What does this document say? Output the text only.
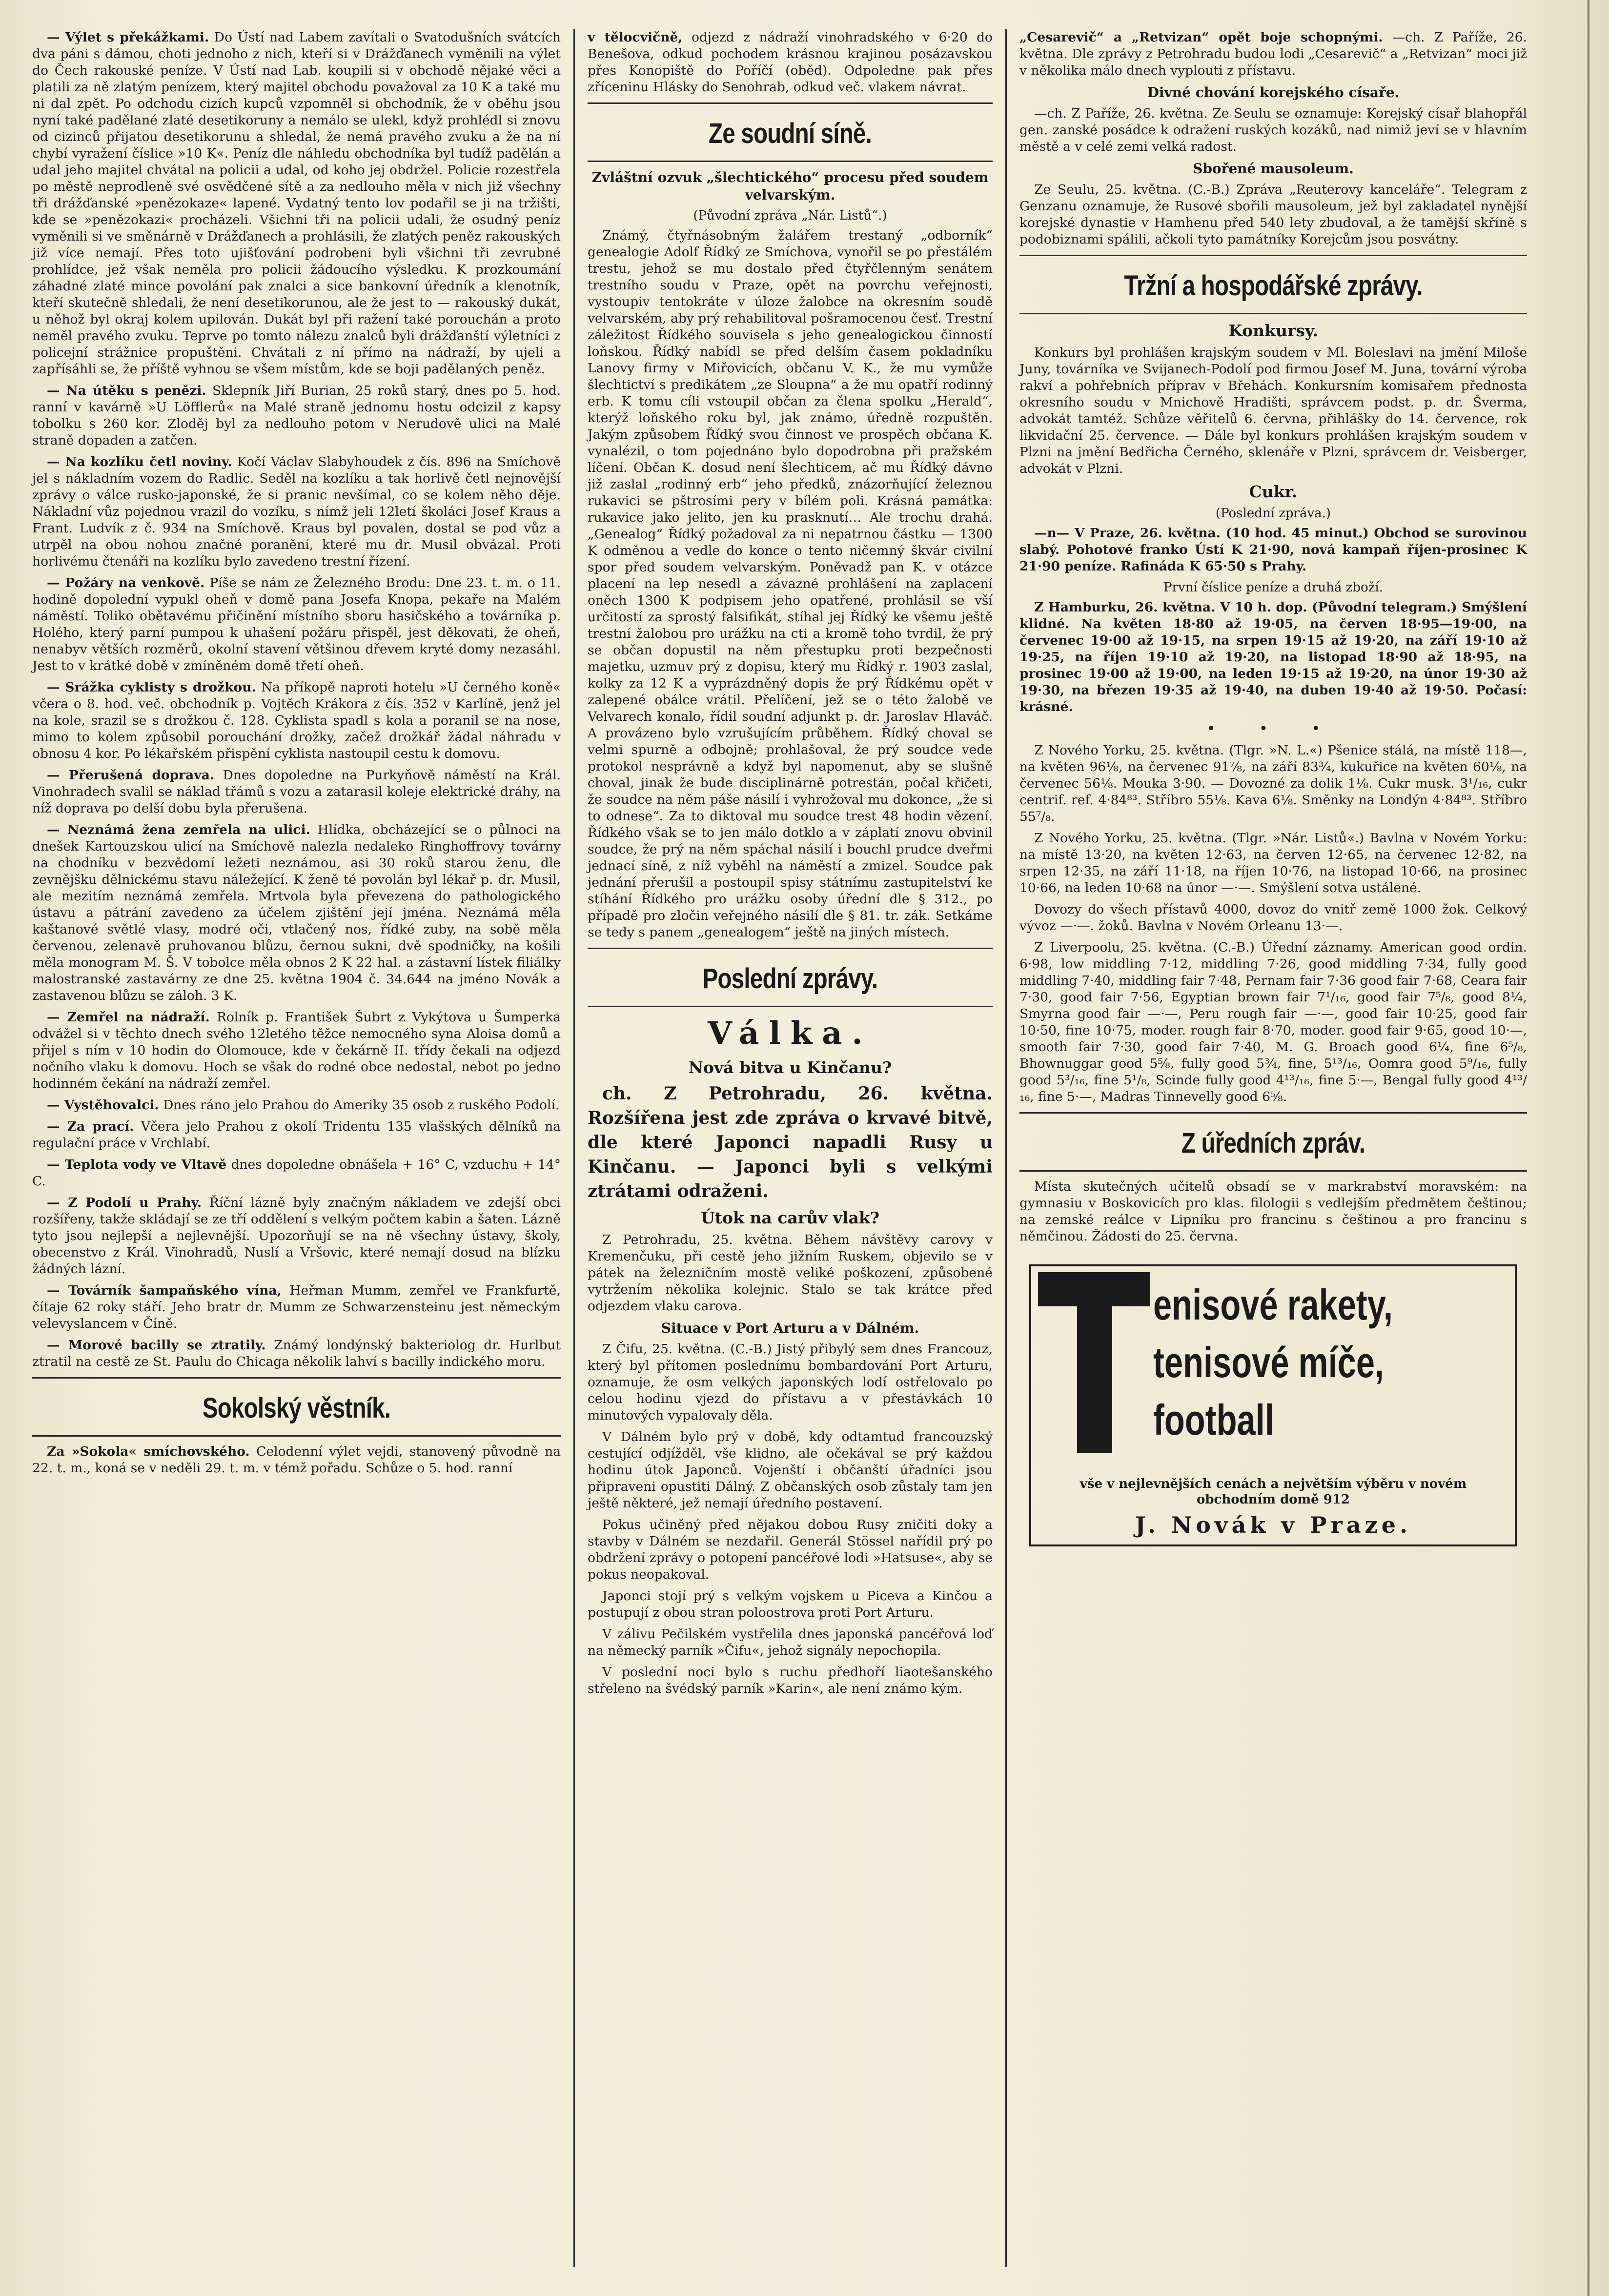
— Výlet s překážkami. Do Ústí nad Labem zavítali o Svatodušních svátcích dva páni s dámou, choti jednoho z nich, kteří si v Drážďanech vyměnili na výlet do Čech rakouské peníze. V Ústí nad Lab. koupili si v obchodě nějaké věci a platili za ně zlatým penízem, který majitel obchodu považoval za 10 K a také mu ni dal zpět. Po odchodu cizích kupců vzpomněl si obchodník, že v oběhu jsou nyní také padělané zlaté desetikoruny a nemálo se ulekl, když prohlédl si znovu od cizinců přijatou desetikorunu a shledal, že nemá pravého zvuku a že na ní chybí vyražení číslice »10 K«. Peníz dle náhledu obchodníka byl tudíž padělán a udal jeho majitel chvátal na policii a udal, od koho jej obdržel. Policie rozestřela po městě neprodleně své osvědčené sítě a za nedlouho měla v nich již všechny tři drážďanské »penězokaze« lapené. Vydatný tento lov podařil se ji na tržišti, kde se »penězokazi« procházeli. Všichni tři na policii udali, že osudný peníz vyměnili si ve směnárně v Drážďanech a prohlásili, že zlatých peněz rakouských již více nemají. Přes toto ujišťování podrobeni byli všichni tři zevrubné prohlídce, jež však neměla pro policii žádoucího výsledku. K prozkoumání záhadné zlaté mince povolání pak znalci a sice bankovní úředník a klenotník, kteří skutečně shledali, že není desetikorunou, ale že jest to — rakouský dukát, u něhož byl okraj kolem upilován. Dukát byl při ražení také porouchán a proto neměl pravého zvuku. Teprve po tomto nálezu znalců byli drážďanští výletníci z policejní strážnice propuštěni. Chvátali z ní přímo na nádraží, by ujeli a zapřísáhli se, že příště vyhnou se všem místům, kde se boji padělaných peněz.

— Na útěku s penězi. Sklepník Jiří Burian, 25 roků starý, dnes po 5. hod. ranní v kavárně »U Löfflerů« na Malé straně jednomu hostu odcizil z kapsy tobolku s 260 kor. Zloděj byl za nedlouho potom v Nerudově ulici na Malé straně dopaden a zatčen.

— Na kozlíku četl noviny. Kočí Václav Slabyhoudek z čís. 896 na Smíchově jel s nákladním vozem do Radlic. Seděl na kozlíku a tak horlivě četl nejnovější zprávy o válce rusko-japonské, že si pranic nevšímal, co se kolem něho děje. Nákladní vůz pojednou vrazil do vozíku, s nímž jeli 12letí školáci Josef Kraus a Frant. Ludvík z č. 934 na Smíchově. Kraus byl povalen, dostal se pod vůz a utrpěl na obou nohou značné poranění, které mu dr. Musil obvázal. Proti horlivému čtenáři na kozlíku bylo zavedeno trestní řízení.

— Požáry na venkově. Píše se nám ze Železného Brodu: Dne 23. t. m. o 11. hodině dopolední vypukl oheň v domě pana Josefa Knopa, pekaře na Malém náměstí. Toliko obětavému přičinění místního sboru hasičského a továrníka p. Holého, který parní pumpou k uhašení požáru přispěl, jest děkovati, že oheň, nenabyv větších rozměrů, okolní stavení většinou dřevem kryté domy nezasáhl. Jest to v krátké době v zmíněném domě třetí oheň.

— Srážka cyklisty s drožkou. Na příkopě naproti hotelu »U černého koně« včera o 8. hod. več. obchodník p. Vojtěch Krákora z čís. 352 v Karlíně, jenž jel na kole, srazil se s drožkou č. 128. Cyklista spadl s kola a poranil se na nose, mimo to kolem způsobil porouchání drožky, začež drožkář žádal náhradu v obnosu 4 kor. Po lékařském přispění cyklista nastoupil cestu k domovu.

— Přerušená doprava. Dnes dopoledne na Purkyňově náměstí na Král. Vinohradech svalil se náklad třámů s vozu a zatarasil koleje elektrické dráhy, na níž doprava po delší dobu byla přerušena.

— Neznámá žena zemřela na ulici. Hlídka, obcházející se o půlnoci na dnešek Kartouzskou ulicí na Smíchově nalezla nedaleko Ringhoffrovy továrny na chodníku v bezvědomí ležeti neznámou, asi 30 roků starou ženu, dle zevnějšku dělnickému stavu náležející. K ženě té povolán byl lékař p. dr. Musil, ale mezitím neznámá zemřela. Mrtvola byla převezena do pathologického ústavu a pátrání zavedeno za účelem zjištění její jména. Neznámá měla kaštanové světlé vlasy, modré oči, vtlačený nos, řídké zuby, na sobě měla červenou, zelenavě pruhovanou blůzu, černou sukni, dvě spodničky, na košili měla monogram M. Š. V tobolce měla obnos 2 K 22 hal. a zástavní lístek filiálky malostranské zastavárny ze dne 25. května 1904 č. 34.644 na jméno Novák a zastavenou blůzu se záloh. 3 K.

— Zemřel na nádraží. Rolník p. František Šubrt z Vykýtova u Šumperka odvážel si v těchto dnech svého 12letého těžce nemocného syna Aloisa domů a přijel s ním v 10 hodin do Olomouce, kde v čekárně II. třídy čekali na odjezd nočního vlaku k domovu. Hoch se však do rodné obce nedostal, nebot po jedno hodinném čekání na nádraží zemřel.

— Vystěhovalci. Dnes ráno jelo Prahou do Ameriky 35 osob z ruského Podolí.

— Za prací. Včera jelo Prahou z okolí Tridentu 135 vlašských dělníků na regulační práce v Vrchlabí.

— Teplota vody ve Vltavě dnes dopoledne obnášela + 16° C, vzduchu + 14° C.

— Z Podolí u Prahy. Říční lázně byly značným nákladem ve zdejší obci rozšířeny, takže skládají se ze tří oddělení s velkým počtem kabin a šaten. Lázně tyto jsou nejlepší a nejlevnější. Upozorňují se na ně všechny ústavy, školy, obecenstvo z Král. Vinohradů, Nuslí a Vršovic, které nemají dosud na blízku žádných lázní.

— Továrník šampaňského vína, Heřman Mumm, zemřel ve Frankfurtě, čítaje 62 roky stáří. Jeho bratr dr. Mumm ze Schwarzensteinu jest německým velevyslancem v Číně.

— Morové bacilly se ztratily. Známý londýnský bakteriolog dr. Hurlbut ztratil na cestě ze St. Paulu do Chicaga několik lahví s bacilly indického moru.

Sokolský věstník.

Za »Sokola« smíchovského. Celodenní výlet vejdi, stanovený původně na 22. t. m., koná se v neděli 29. t. m. v témž pořadu. Schůze o 5. hod. ranní

v tělocvičně, odjezd z nádraží vinohradského v 6·20 do Benešova, odkud pochodem krásnou krajinou posázavskou přes Konopiště do Poříčí (oběd). Odpoledne pak přes zříceninu Hlásky do Senohrab, odkud več. vlakem návrat.

Ze soudní síně.
Zvláštní ozvuk „šlechtického“ procesu před soudem velvarským.
(Původní zpráva „Nár. Listů“.)

Známý, čtyřnásobným žalářem trestaný „odborník“ genealogie Adolf Řídký ze Smíchova, vynořil se po přestálém trestu, jehož se mu dostalo před čtyřčlenným senátem trestního soudu v Praze, opět na povrchu veřejnosti, vystoupiv tentokráte v úloze žalobce na okresním soudě velvarském, aby prý rehabilitoval pošramocenou česť. Trestní záležitost Řídkého souvisela s jeho genealogickou činností loňskou. Řídký nabídl se před delším časem pokladníku Lanovy firmy v Miřovicích, občanu V. K., že mu vymůže šlechtictví s predikátem „ze Sloupna“ a že mu opatří rodinný erb. K tomu cíli vstoupil občan za člena spolku „Herald“, kterýž loňského roku byl, jak známo, úředně rozpuštěn. Jakým způsobem Řídký svou činnost ve prospěch občana K. vynalézil, o tom pojednáno bylo dopodrobna při pražském líčení. Občan K. dosud není šlechticem, ač mu Řídký dávno již zaslal „rodinný erb“ jeho předků, znázorňující železnou rukavici se pštrosími pery v bílém poli. Krásná památka: rukavice jako jelito, jen ku prasknutí… Ale trochu drahá. „Genealog“ Řídký požadoval za ni nepatrnou částku — 1300 K odměnou a vedle do konce o tento ničemný škvár civilní spor před soudem velvarským. Poněvadž pan K. v otázce placení na lep nesedl a závazné prohlášení na zaplacení oněch 1300 K podpisem jeho opatřené, prohlásil se vší určitostí za sprostý falsifikát, stíhal jej Řídký ke všemu ještě trestní žalobou pro urážku na cti a kromě toho tvrdil, že prý se občan dopustil na něm přestupku proti bezpečnosti majetku, uzmuv prý z dopisu, který mu Řídký r. 1903 zaslal, kolky za 12 K a vyprázdněný dopis že prý Řídkému opět v zalepené obálce vrátil. Přelíčení, jež se o této žalobě ve Velvarech konalo, řídil soudní adjunkt p. dr. Jaroslav Hlaváč. A provázeno bylo vzrušujícím průběhem. Řídký choval se velmi spurně a odbojně; prohlašoval, že prý soudce vede protokol nesprávně a když byl napomenut, aby se slušně choval, jinak že bude disciplinárně potrestán, počal křičeti, že soudce na něm páše násilí i vyhrožoval mu dokonce, „že si to odnese“. Za to diktoval mu soudce trest 48 hodin vězení. Řídkého však se to jen málo dotklo a v záplatí znovu obvinil soudce, že prý na něm spáchal násilí i bouchl prudce dveřmi jednací síně, z níž vyběhl na náměstí a zmizel. Soudce pak jednání přerušil a postoupil spisy státnímu zastupitelství ke stíhání Řídkého pro urážku osoby úřední dle § 312., po případě pro zločin veřejného násilí dle § 81. tr. zák. Setkáme se tedy s panem „genealogem“ ještě na jiných místech.

Poslední zprávy.
Válka.
Nová bitva u Kinčanu?

ch. Z Petrohradu, 26. května. Rozšířena jest zde zpráva o krvavé bitvě, dle které Japonci napadli Rusy u Kinčanu. — Japonci byli s velkými ztrátami odraženi.

Útok na carův vlak?

Z Petrohradu, 25. května. Během návštěvy carovy v Kremenčuku, při cestě jeho jižním Ruskem, objevilo se v pátek na železničním mostě veliké poškození, způsobené vytržením několika kolejnic. Stalo se tak krátce před odjezdem vlaku carova.

Situace v Port Arturu a v Dálném.

Z Čifu, 25. května. (C.-B.) Jistý přibylý sem dnes Francouz, který byl přítomen poslednímu bombardování Port Arturu, oznamuje, že osm velkých japonských lodí ostřelovalo po celou hodinu vjezd do přístavu a v přestávkách 10 minutových vypalovaly děla.

V Dálném bylo prý v době, kdy odtamtud francouzský cestující odjížděl, vše klidno, ale očekával se prý každou hodinu útok Japonců. Vojenští i občanští úřadníci jsou připraveni opustiti Dálný. Z občanských osob zůstaly tam jen ještě některé, jež nemají úředního postavení.

Pokus učiněný před nějakou dobou Rusy zničiti doky a stavby v Dálném se nezdařil. Generál Stössel nařídil prý po obdržení zprávy o potopení pancéřové lodi »Hatsuse«, aby se pokus neopakoval.

Japonci stojí prý s velkým vojskem u Picevа a Kinčou a postupují z obou stran poloostrova proti Port Arturu.

V zálivu Pečilském vystřelila dnes japonská pancéřová loď na německý parník »Čifu«, jehož signály nepochopila.

V poslední noci bylo s ruchu předhoří liaotešanského střeleno na švédský parník »Karin«, ale není známo kým.

„Cesarevič“ a „Retvizan“ opět boje schopnými. —ch. Z Paříže, 26. května. Dle zprávy z Petrohradu budou lodi „Cesarevič“ a „Retvizan“ moci již v několika málo dnech vyplouti z přístavu.

Divné chování korejského císaře.

—ch. Z Paříže, 26. května. Ze Seulu se oznamuje: Korejský císař blahopřál gen. zanské posádce k odražení ruských kozáků, nad nimiž jeví se v hlavním městě a v celé zemi velká radost.

Sbořené mausoleum.

Ze Seulu, 25. května. (C.-B.) Zpráva „Reuterovy kanceláře“. Telegram z Genzanu oznamuje, že Rusové sbořili mausoleum, jež byl zakladatel nynější korejské dynastie v Hamhenu před 540 lety zbudoval, a že tamější skříně s podobiznami spálili, ačkoli tyto památníky Korejcům jsou posvátny.

Tržní a hospodářské zprávy.
Konkursy.

Konkurs byl prohlášen krajským soudem v Ml. Boleslavi na jmění Miloše Juny, továrníka ve Svijanech-Podolí pod firmou Josef M. Juna, tovární výroba rakví a pohřebních příprav v Břehách. Konkursním komisařem přednosta okresního soudu v Mnichově Hradišti, správcem podst. p. dr. Šverma, advokát tamtéž. Schůze věřitelů 6. června, přihlášky do 14. července, rok likvidační 25. července. — Dále byl konkurs prohlášen krajským soudem v Plzni na jmění Bedřicha Černého, sklenáře v Plzni, správcem dr. Veisberger, advokát v Plzni.

Cukr.
(Poslední zpráva.)

—n— V Praze, 26. května. (10 hod. 45 minut.) Obchod se surovinou slabý. Pohotové franko Ústí K 21·90, nová kampaň říjen-prosinec K 21·90 peníze. Rafináda K 65·50 s Prahy.

První číslice peníze a druhá zboží.

Z Hamburku, 26. května. V 10 h. dop. (Původní telegram.) Smýšlení klidné. Na květen 18·80 až 19·05, na červen 18·95—19·00, na červenec 19·00 až 19·15, na srpen 19·15 až 19·20, na září 19·10 až 19·25, na říjen 19·10 až 19·20, na listopad 18·90 až 18·95, na prosinec 19·00 až 19·00, na leden 19·15 až 19·20, na únor 19·30 až 19·30, na březen 19·35 až 19·40, na duben 19·40 až 19·50. Počasí: krásné.

• • •

Z Nového Yorku, 25. května. (Tlgr. »N. L.«) Pšenice stálá, na místě 118—, na květen 96⅛, na červenec 91⅞, na září 83¾, kukuřice na květen 60⅛, na červenec 56⅛. Mouka 3·90. — Dovozné za dolik 1⅛. Cukr musk. 3¹/₁₆, cukr centrif. ref. 4·84⁸³. Stříbro 55⅛. Kava 6⅛. Směnky na Londýn 4·84⁸³. Stříbro 55⁷/₈.

Z Nového Yorku, 25. května. (Tlgr. »Nár. Listů«.) Bavlna v Novém Yorku: na místě 13·20, na květen 12·63, na červen 12·65, na červenec 12·82, na srpen 12·35, na září 11·18, na říjen 10·76, na listopad 10·66, na prosinec 10·66, na leden 10·68 na únor —·—. Smýšlení sotva ustálené.

Dovozy do všech přístavů 4000, dovoz do vnitř země 1000 žok. Celkový vývoz —·—. žoků. Bavlna v Novém Orleanu 13·—.

Z Liverpoolu, 25. května. (C.-B.) Úřední záznamy. American good ordin. 6·98, low middling 7·12, middling 7·26, good middling 7·34, fully good middling 7·40, middling fair 7·48, Pernam fair 7·36 good fair 7·68, Ceara fair 7·30, good fair 7·56, Egyptian brown fair 7¹/₁₆, good fair 7⁵/₈, good 8¼, Smyrna good fair —·—, Peru rough fair —·—, good fair 10·25, good fair 10·50, fine 10·75, moder. rough fair 8·70, moder. good fair 9·65, good 10·—, smooth fair 7·30, good fair 7·40, M. G. Broach good 6¼, fine 6⁵/₈, Bhownuggar good 5⅝, fully good 5¾, fine, 5¹³/₁₆, Oomra good 5⁹/₁₆, fully good 5³/₁₆, fine 5¹/₈, Scinde fully good 4¹³/₁₆, fine 5·—, Bengal fully good 4¹³/₁₆, fine 5·—, Madras Tinnevelly good 6⅝.

Z úředních zpráv.

Místa skutečných učitelů obsadí se v markrabství moravském: na gymnasiu v Boskovicích pro klas. filologii s vedlejším předmětem češtinou; na zemské reálce v Lipníku pro francinu s češtinou a pro francinu s němčinou. Žádosti do 25. června.

T
enisové rakety,
tenisové míče,
football
vše v nejlevnějších cenách a největším výběru v novém obchodním domě 912
J. Novák v Praze.
